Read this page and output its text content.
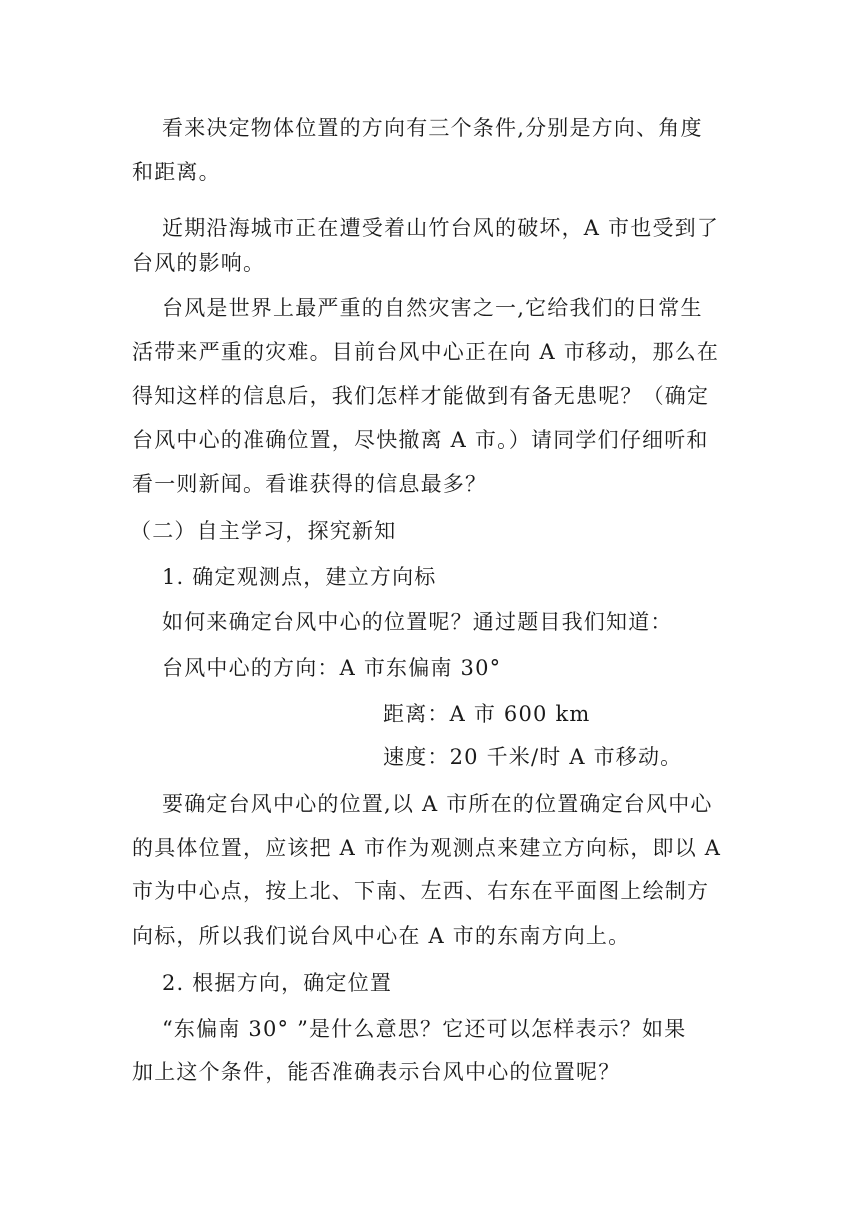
看来决定物体位置的方向有三个条件,分别是方向、角度
和距离。
近期沿海城市正在遭受着山竹台风的破坏，A 市也受到了
台风的影响。
台风是世界上最严重的自然灾害之一,它给我们的日常生
活带来严重的灾难。目前台风中心正在向 A 市移动，那么在
得知这样的信息后，我们怎样才能做到有备无患呢？（确定
台风中心的准确位置，尽快撤离 A 市。）请同学们仔细听和
看一则新闻。看谁获得的信息最多？
（二）自主学习，探究新知
1. 确定观测点，建立方向标
如何来确定台风中心的位置呢？通过题目我们知道：
台风中心的方向：A 市东偏南 30°
距离：A 市 600 km
速度：20 千米/时 A 市移动。
要确定台风中心的位置,以 A 市所在的位置确定台风中心
的具体位置，应该把 A 市作为观测点来建立方向标，即以 A
市为中心点，按上北、下南、左西、右东在平面图上绘制方
向标，所以我们说台风中心在 A 市的东南方向上。
2. 根据方向，确定位置
“东偏南 30° ”是什么意思？它还可以怎样表示？如果
加上这个条件，能否准确表示台风中心的位置呢？
